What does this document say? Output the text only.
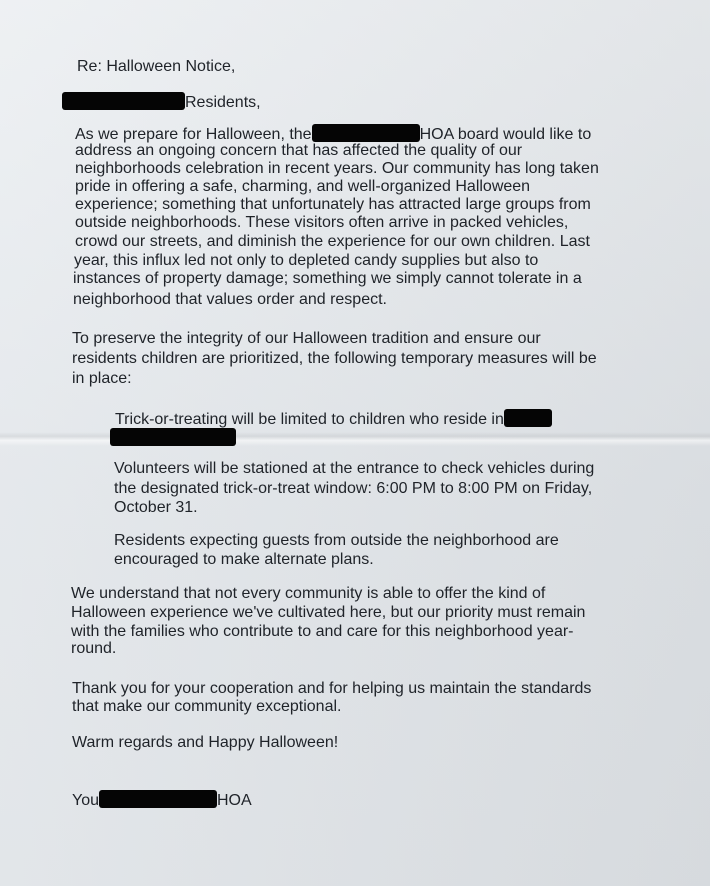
Re: Halloween Notice,
Residents,
As we prepare for Halloween, the	HOA board would like to
address an ongoing concern that has affected the quality of our
neighborhoods celebration in recent years. Our community has long taken
pride in offering a safe, charming, and well-organized Halloween
experience; something that unfortunately has attracted large groups from
outside neighborhoods. These visitors often arrive in packed vehicles,
crowd our streets, and diminish the experience for our own children. Last
year, this influx led not only to depleted candy supplies but also to
instances of property damage; something we simply cannot tolerate in a
neighborhood that values order and respect.
To preserve the integrity of our Halloween tradition and ensure our
residents children are prioritized, the following temporary measures will be
in place:
Trick-or-treating will be limited to children who reside in
Volunteers will be stationed at the entrance to check vehicles during
the designated trick-or-treat window: 6:00 PM to 8:00 PM on Friday,
October 31.
Residents expecting guests from outside the neighborhood are
encouraged to make alternate plans.
We understand that not every community is able to offer the kind of
Halloween experience we've cultivated here, but our priority must remain
with the families who contribute to and care for this neighborhood year-
round.
Thank you for your cooperation and for helping us maintain the standards
that make our community exceptional.
Warm regards and Happy Halloween!
You	HOA
